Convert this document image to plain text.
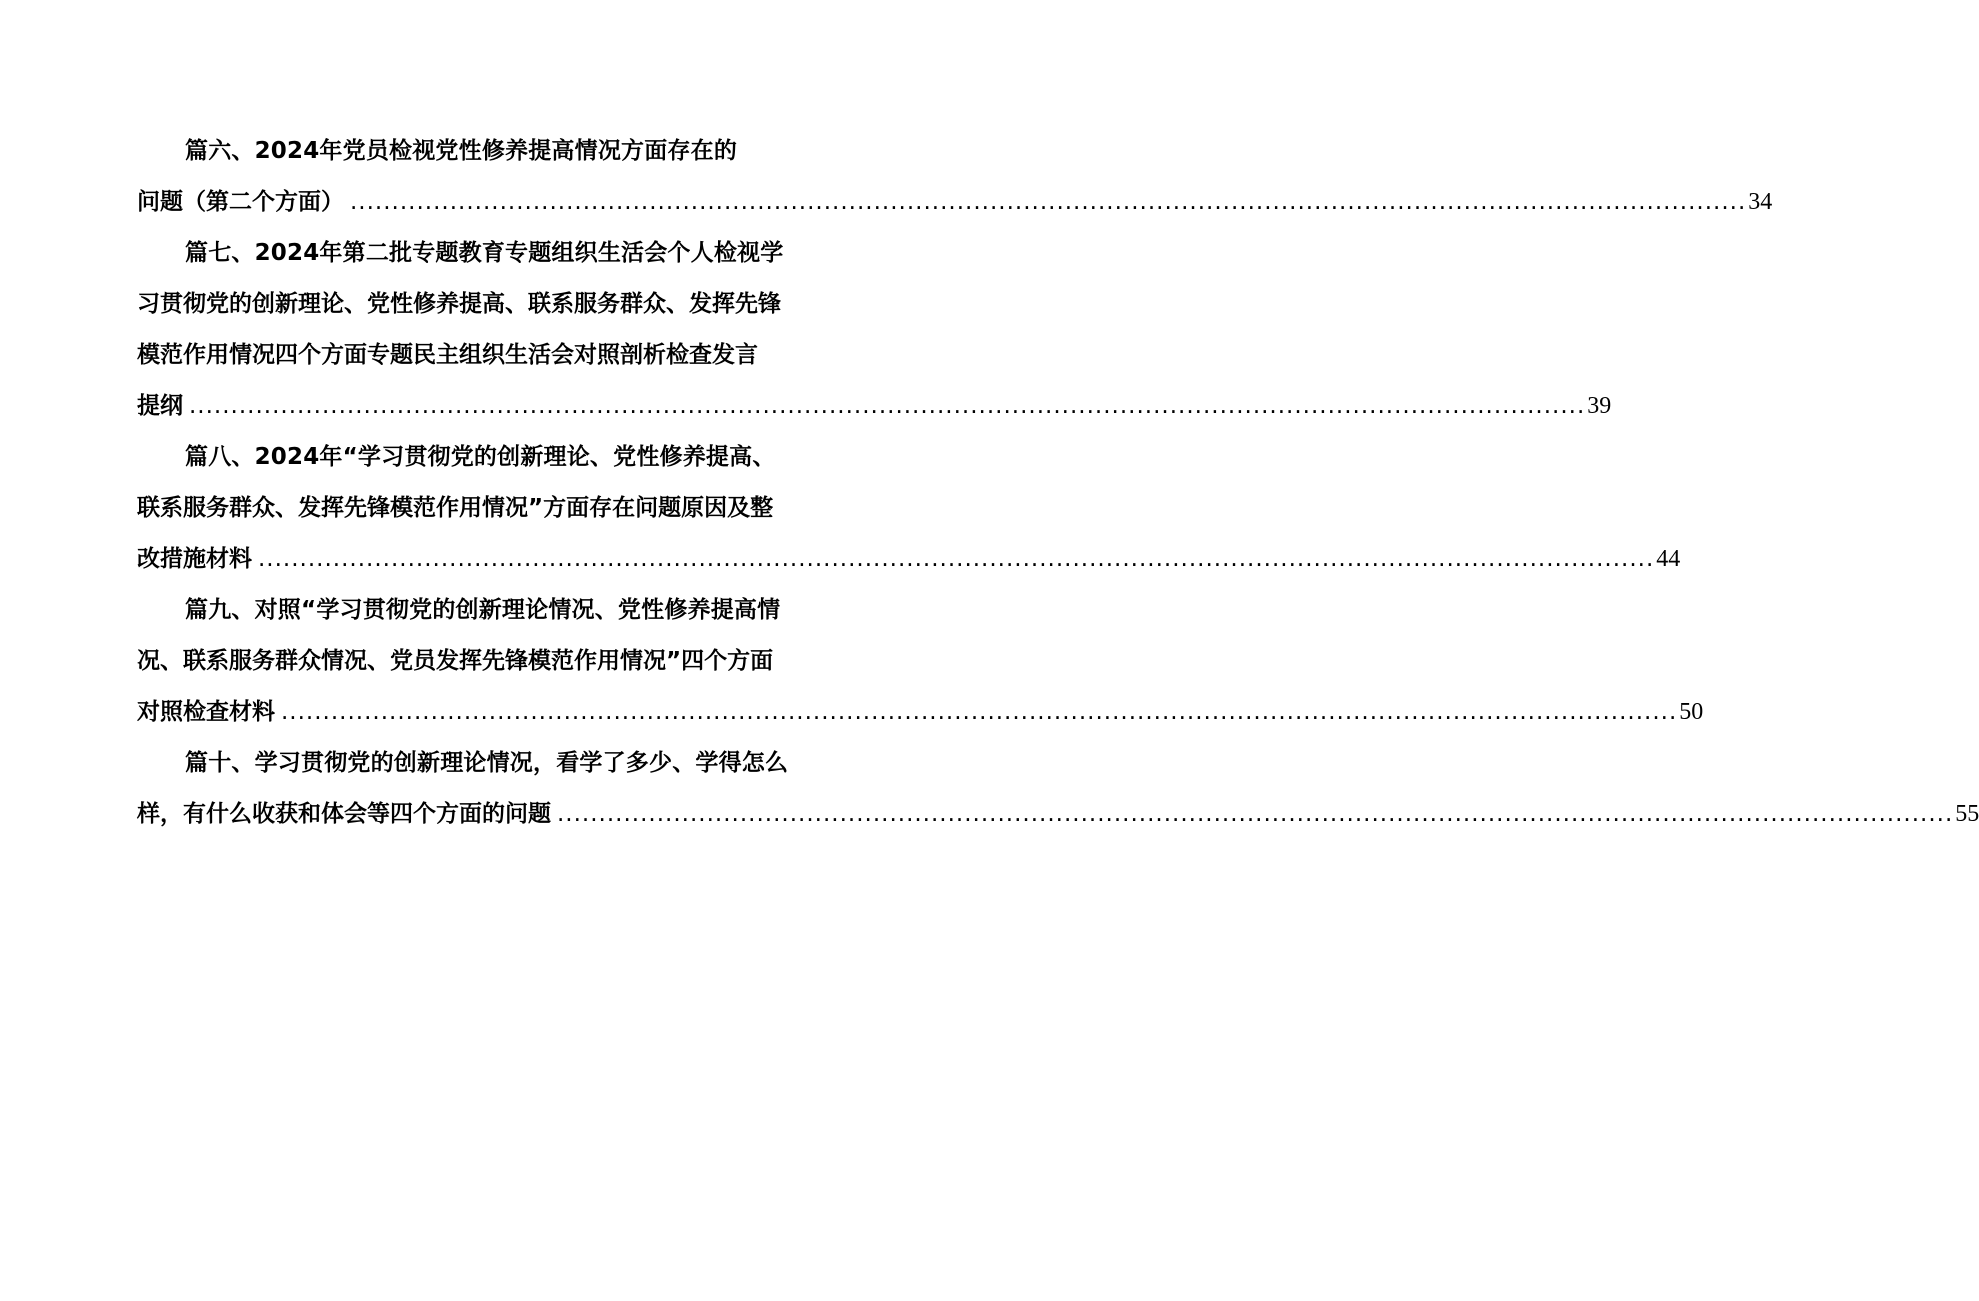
篇六、2024年党员检视党性修养提高情况方面存在的
问题（第二个方面） ........................................................................................................................................................................ 34
篇七、2024年第二批专题教育专题组织生活会个人检视学
习贯彻党的创新理论、党性修养提高、联系服务群众、发挥先锋
模范作用情况四个方面专题民主组织生活会对照剖析检查发言
提纲 ........................................................................................................................................................................ 39
篇八、2024年“学习贯彻党的创新理论、党性修养提高、
联系服务群众、发挥先锋模范作用情况”方面存在问题原因及整
改措施材料 ........................................................................................................................................................................ 44
篇九、对照“学习贯彻党的创新理论情况、党性修养提高情
况、联系服务群众情况、党员发挥先锋模范作用情况”四个方面
对照检查材料 ........................................................................................................................................................................ 50
篇十、学习贯彻党的创新理论情况，看学了多少、学得怎么
样，有什么收获和体会等四个方面的问题 ........................................................................................................................................................................ 55
